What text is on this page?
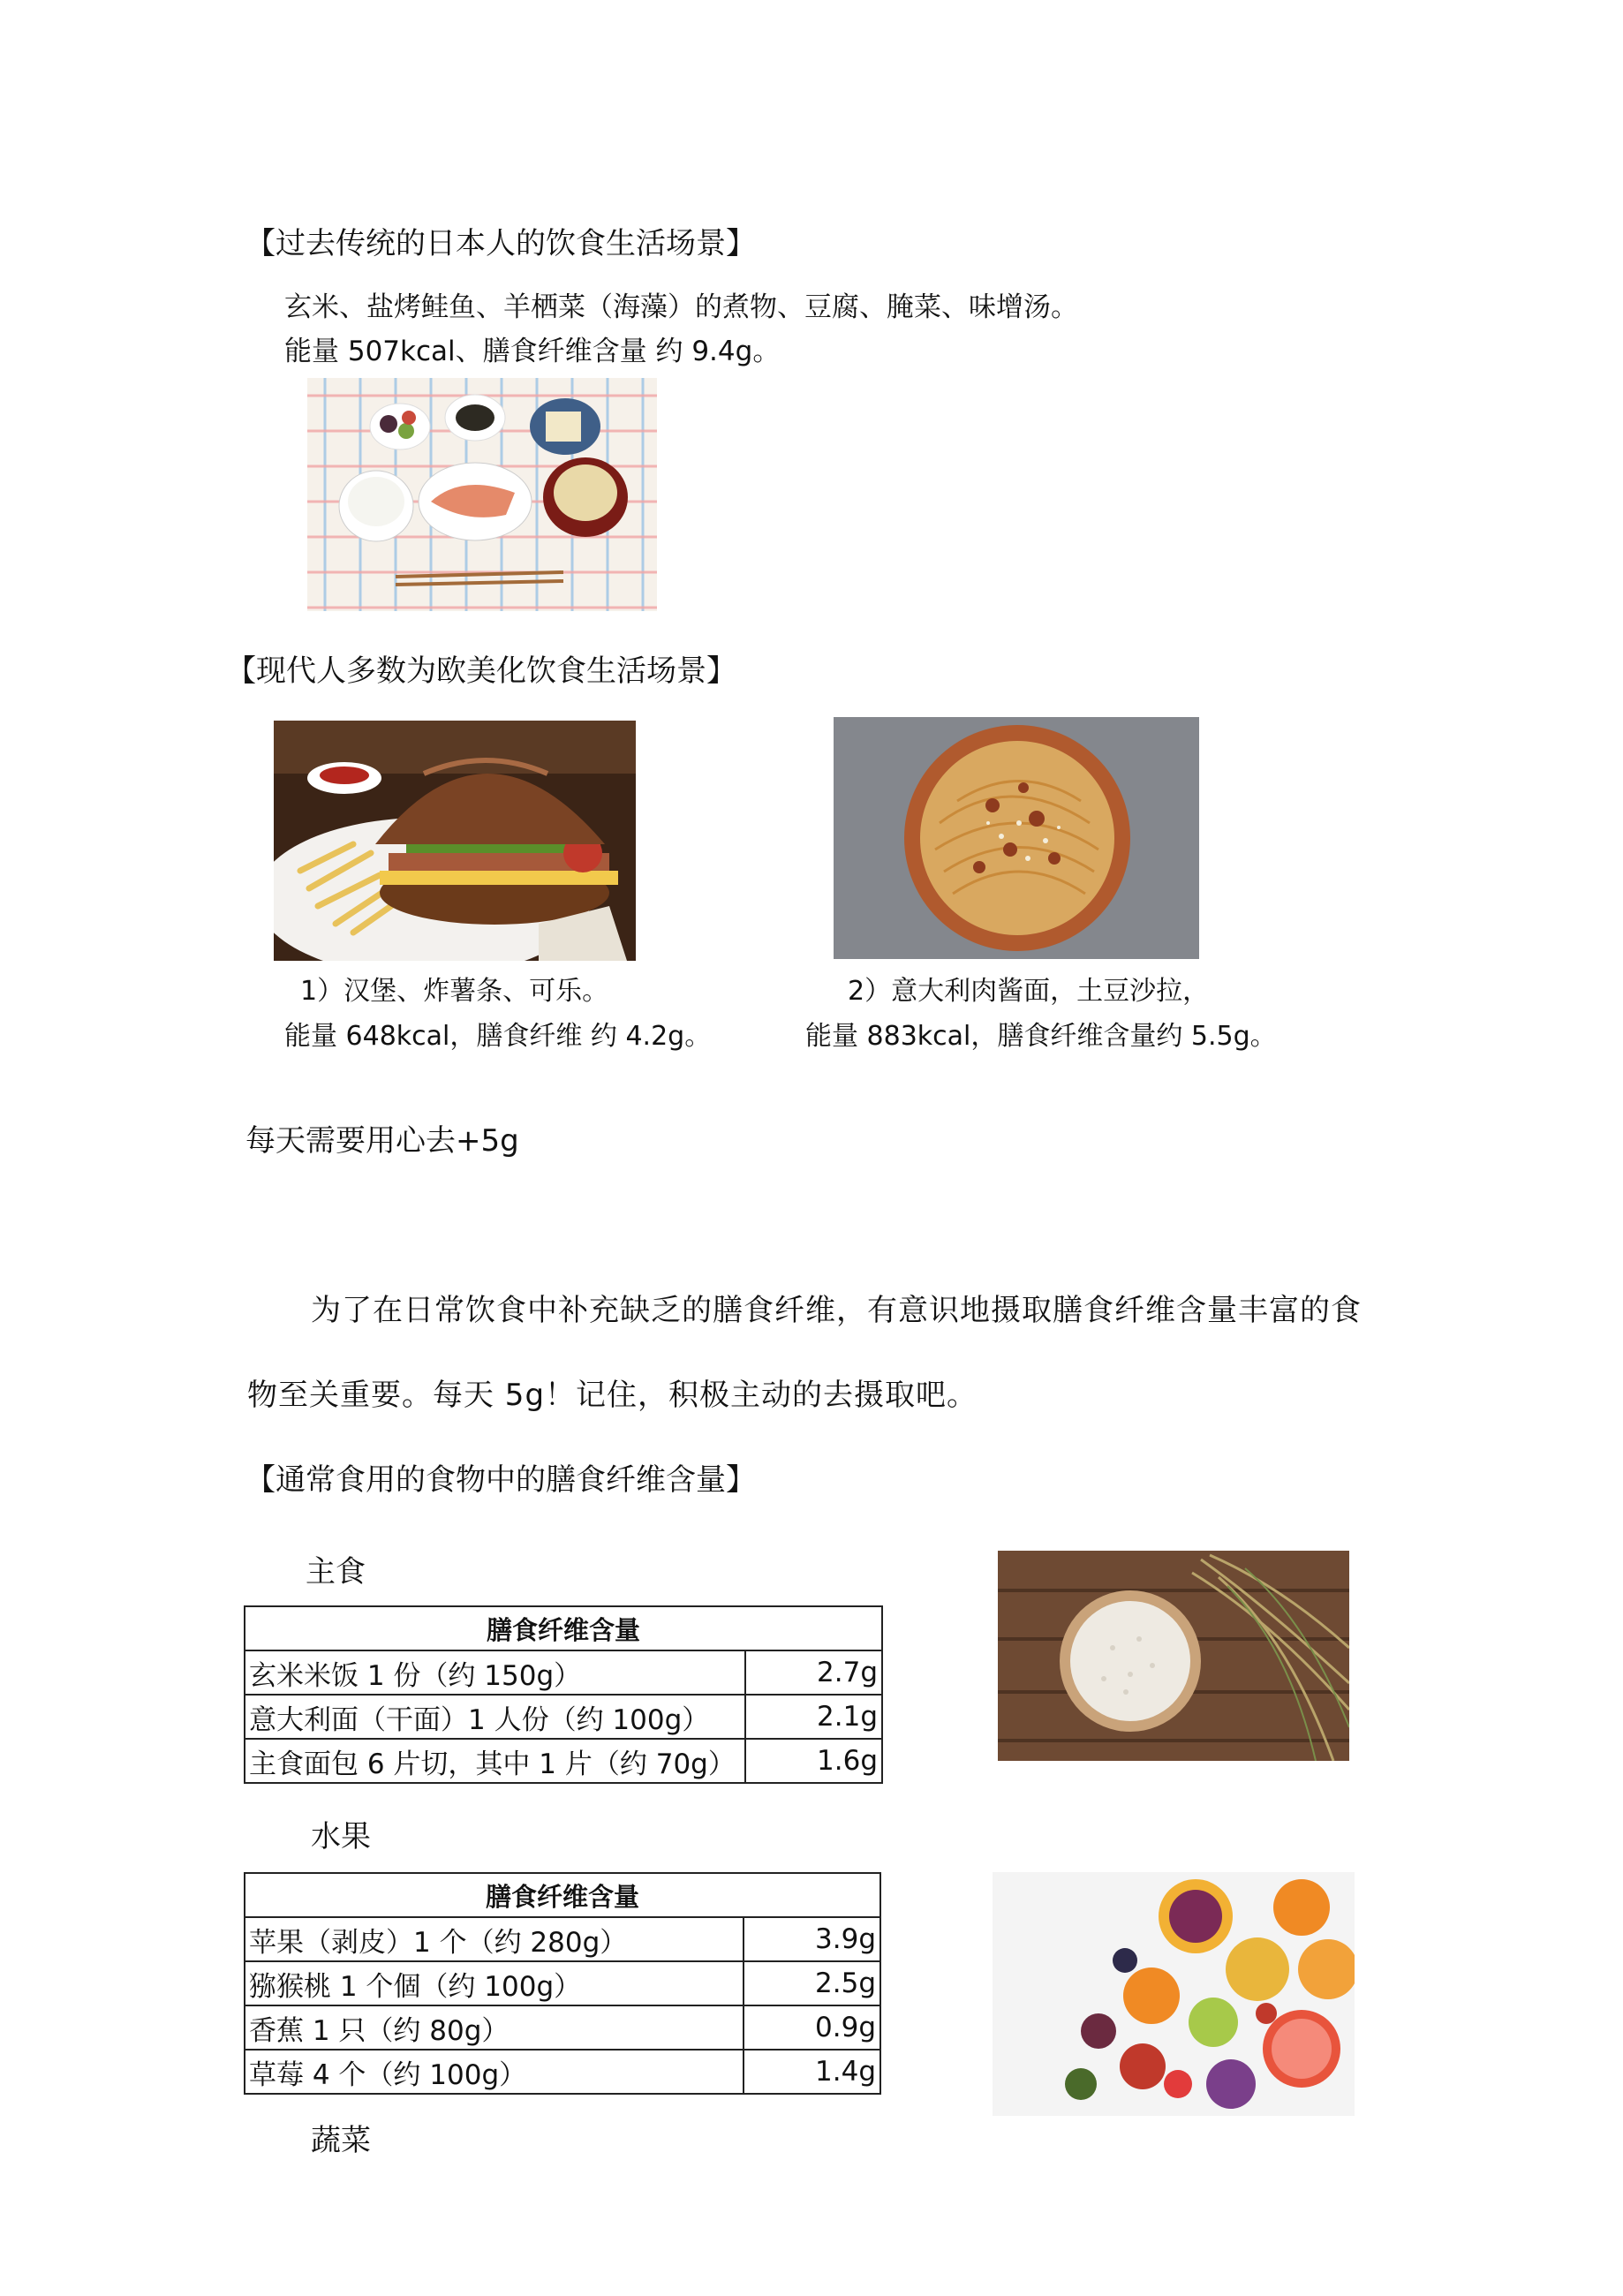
【过去传统的日本人的饮食生活场景】
玄米、盐烤鲑鱼、羊栖菜（海藻）的煮物、豆腐、腌菜、味增汤。
能量 507kcal、膳食纤维含量 约 9.4g。
【现代人多数为欧美化饮食生活场景】
1）汉堡、炸薯条、可乐。
能量 648kcal，膳食纤维 约 4.2g。
2）意大利肉酱面，土豆沙拉，
能量 883kcal，膳食纤维含量约 5.5g。
每天需要用心去+5g
为了在日常饮食中补充缺乏的膳食纤维，有意识地摄取膳食纤维含量丰富的食
物至关重要。每天 5g！记住，积极主动的去摄取吧。
【通常食用的食物中的膳食纤维含量】
主食
膳食纤维含量	
玄米米饭 1 份（约 150g）	2.7g
意大利面（干面）1 人份（约 100g）	2.1g
主食面包 6 片切，其中 1 片（约 70g）	1.6g
水果
膳食纤维含量	
苹果（剥皮）1 个（约 280g）	3.9g
猕猴桃 1 个個（约 100g）	2.5g
香蕉 1 只（约 80g）	0.9g
草莓 4 个（约 100g）	1.4g
蔬菜
